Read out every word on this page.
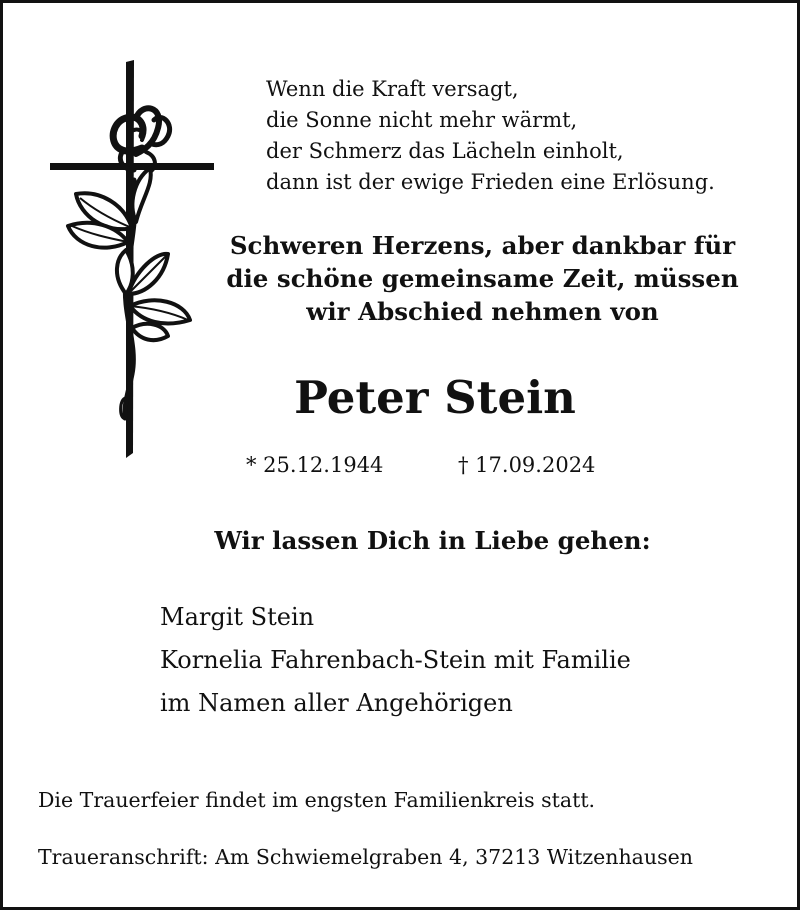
Wenn die Kraft versagt,
die Sonne nicht mehr wärmt,
der Schmerz das Lächeln einholt,
dann ist der ewige Frieden eine Erlösung.
Schweren Herzens, aber dankbar für
die schöne gemeinsame Zeit, müssen
wir Abschied nehmen von
Peter Stein
* 25.12.1944	† 17.09.2024
Wir lassen Dich in Liebe gehen:
Margit Stein
Kornelia Fahrenbach-Stein mit Familie
im Namen aller Angehörigen
Die Trauerfeier findet im engsten Familienkreis statt.
Traueranschrift: Am Schwiemelgraben 4, 37213 Witzenhausen
